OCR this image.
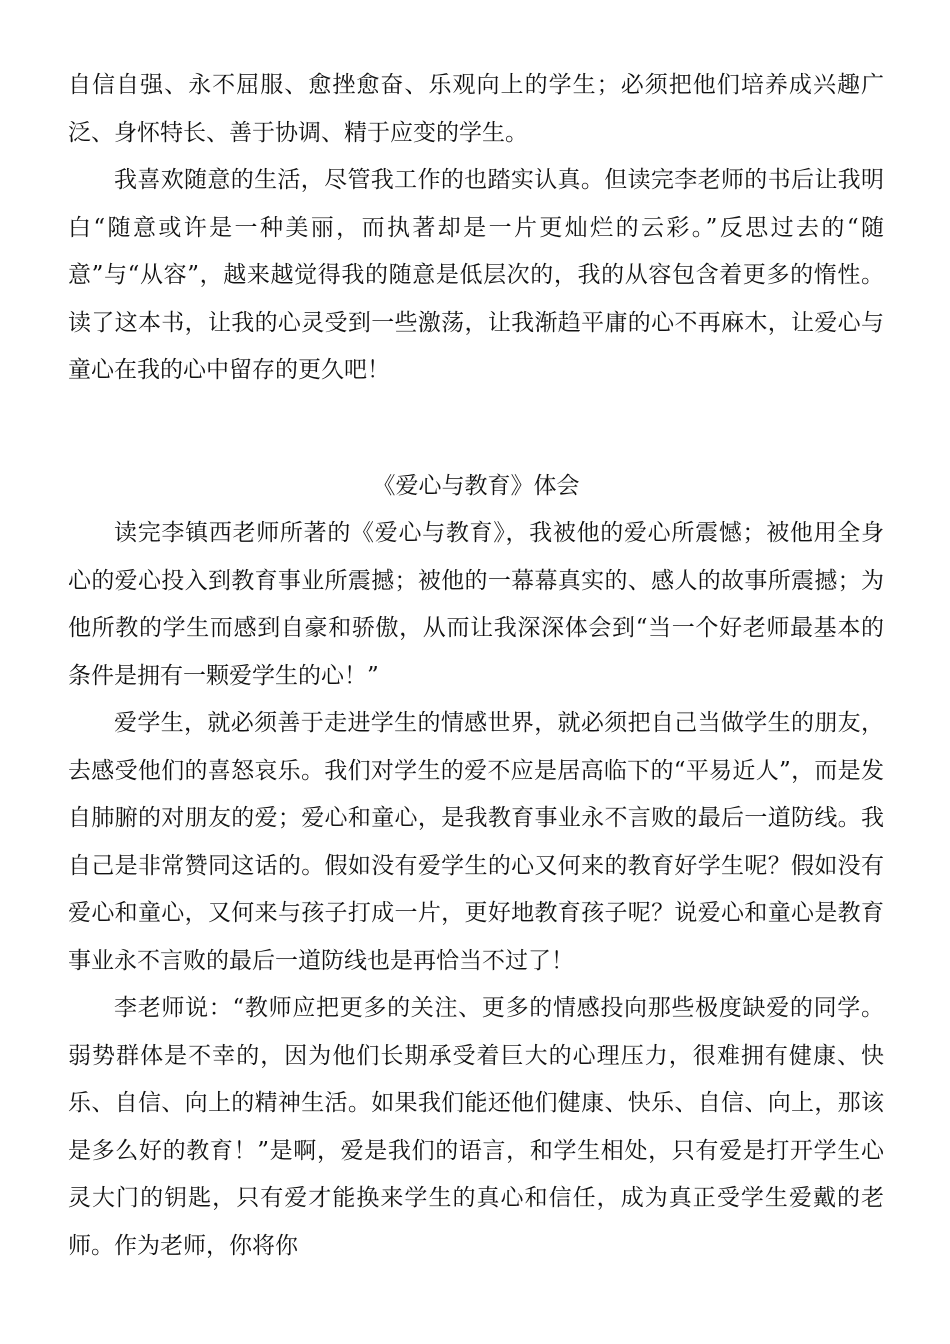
自信自强、永不屈服、愈挫愈奋、乐观向上的学生；必须把他们培养成兴趣广泛、身怀特长、善于协调、精于应变的学生。

我喜欢随意的生活，尽管我工作的也踏实认真。但读完李老师的书后让我明白“随意或许是一种美丽，而执著却是一片更灿烂的云彩。”反思过去的“随意”与“从容”，越来越觉得我的随意是低层次的，我的从容包含着更多的惰性。读了这本书，让我的心灵受到一些激荡，让我渐趋平庸的心不再麻木，让爱心与童心在我的心中留存的更久吧！

《爱心与教育》体会

读完李镇西老师所著的《爱心与教育》，我被他的爱心所震憾；被他用全身心的爱心投入到教育事业所震撼；被他的一幕幕真实的、感人的故事所震撼；为他所教的学生而感到自豪和骄傲，从而让我深深体会到“当一个好老师最基本的条件是拥有一颗爱学生的心！”

爱学生，就必须善于走进学生的情感世界，就必须把自己当做学生的朋友，去感受他们的喜怒哀乐。我们对学生的爱不应是居高临下的“平易近人”，而是发自肺腑的对朋友的爱；爱心和童心，是我教育事业永不言败的最后一道防线。我自己是非常赞同这话的。假如没有爱学生的心又何来的教育好学生呢？假如没有爱心和童心，又何来与孩子打成一片，更好地教育孩子呢？说爱心和童心是教育事业永不言败的最后一道防线也是再恰当不过了！

李老师说：“教师应把更多的关注、更多的情感投向那些极度缺爱的同学。弱势群体是不幸的，因为他们长期承受着巨大的心理压力，很难拥有健康、快乐、自信、向上的精神生活。如果我们能还他们健康、快乐、自信、向上，那该是多么好的教育！”是啊，爱是我们的语言，和学生相处，只有爱是打开学生心灵大门的钥匙，只有爱才能换来学生的真心和信任，成为真正受学生爱戴的老师。作为老师，你将你
